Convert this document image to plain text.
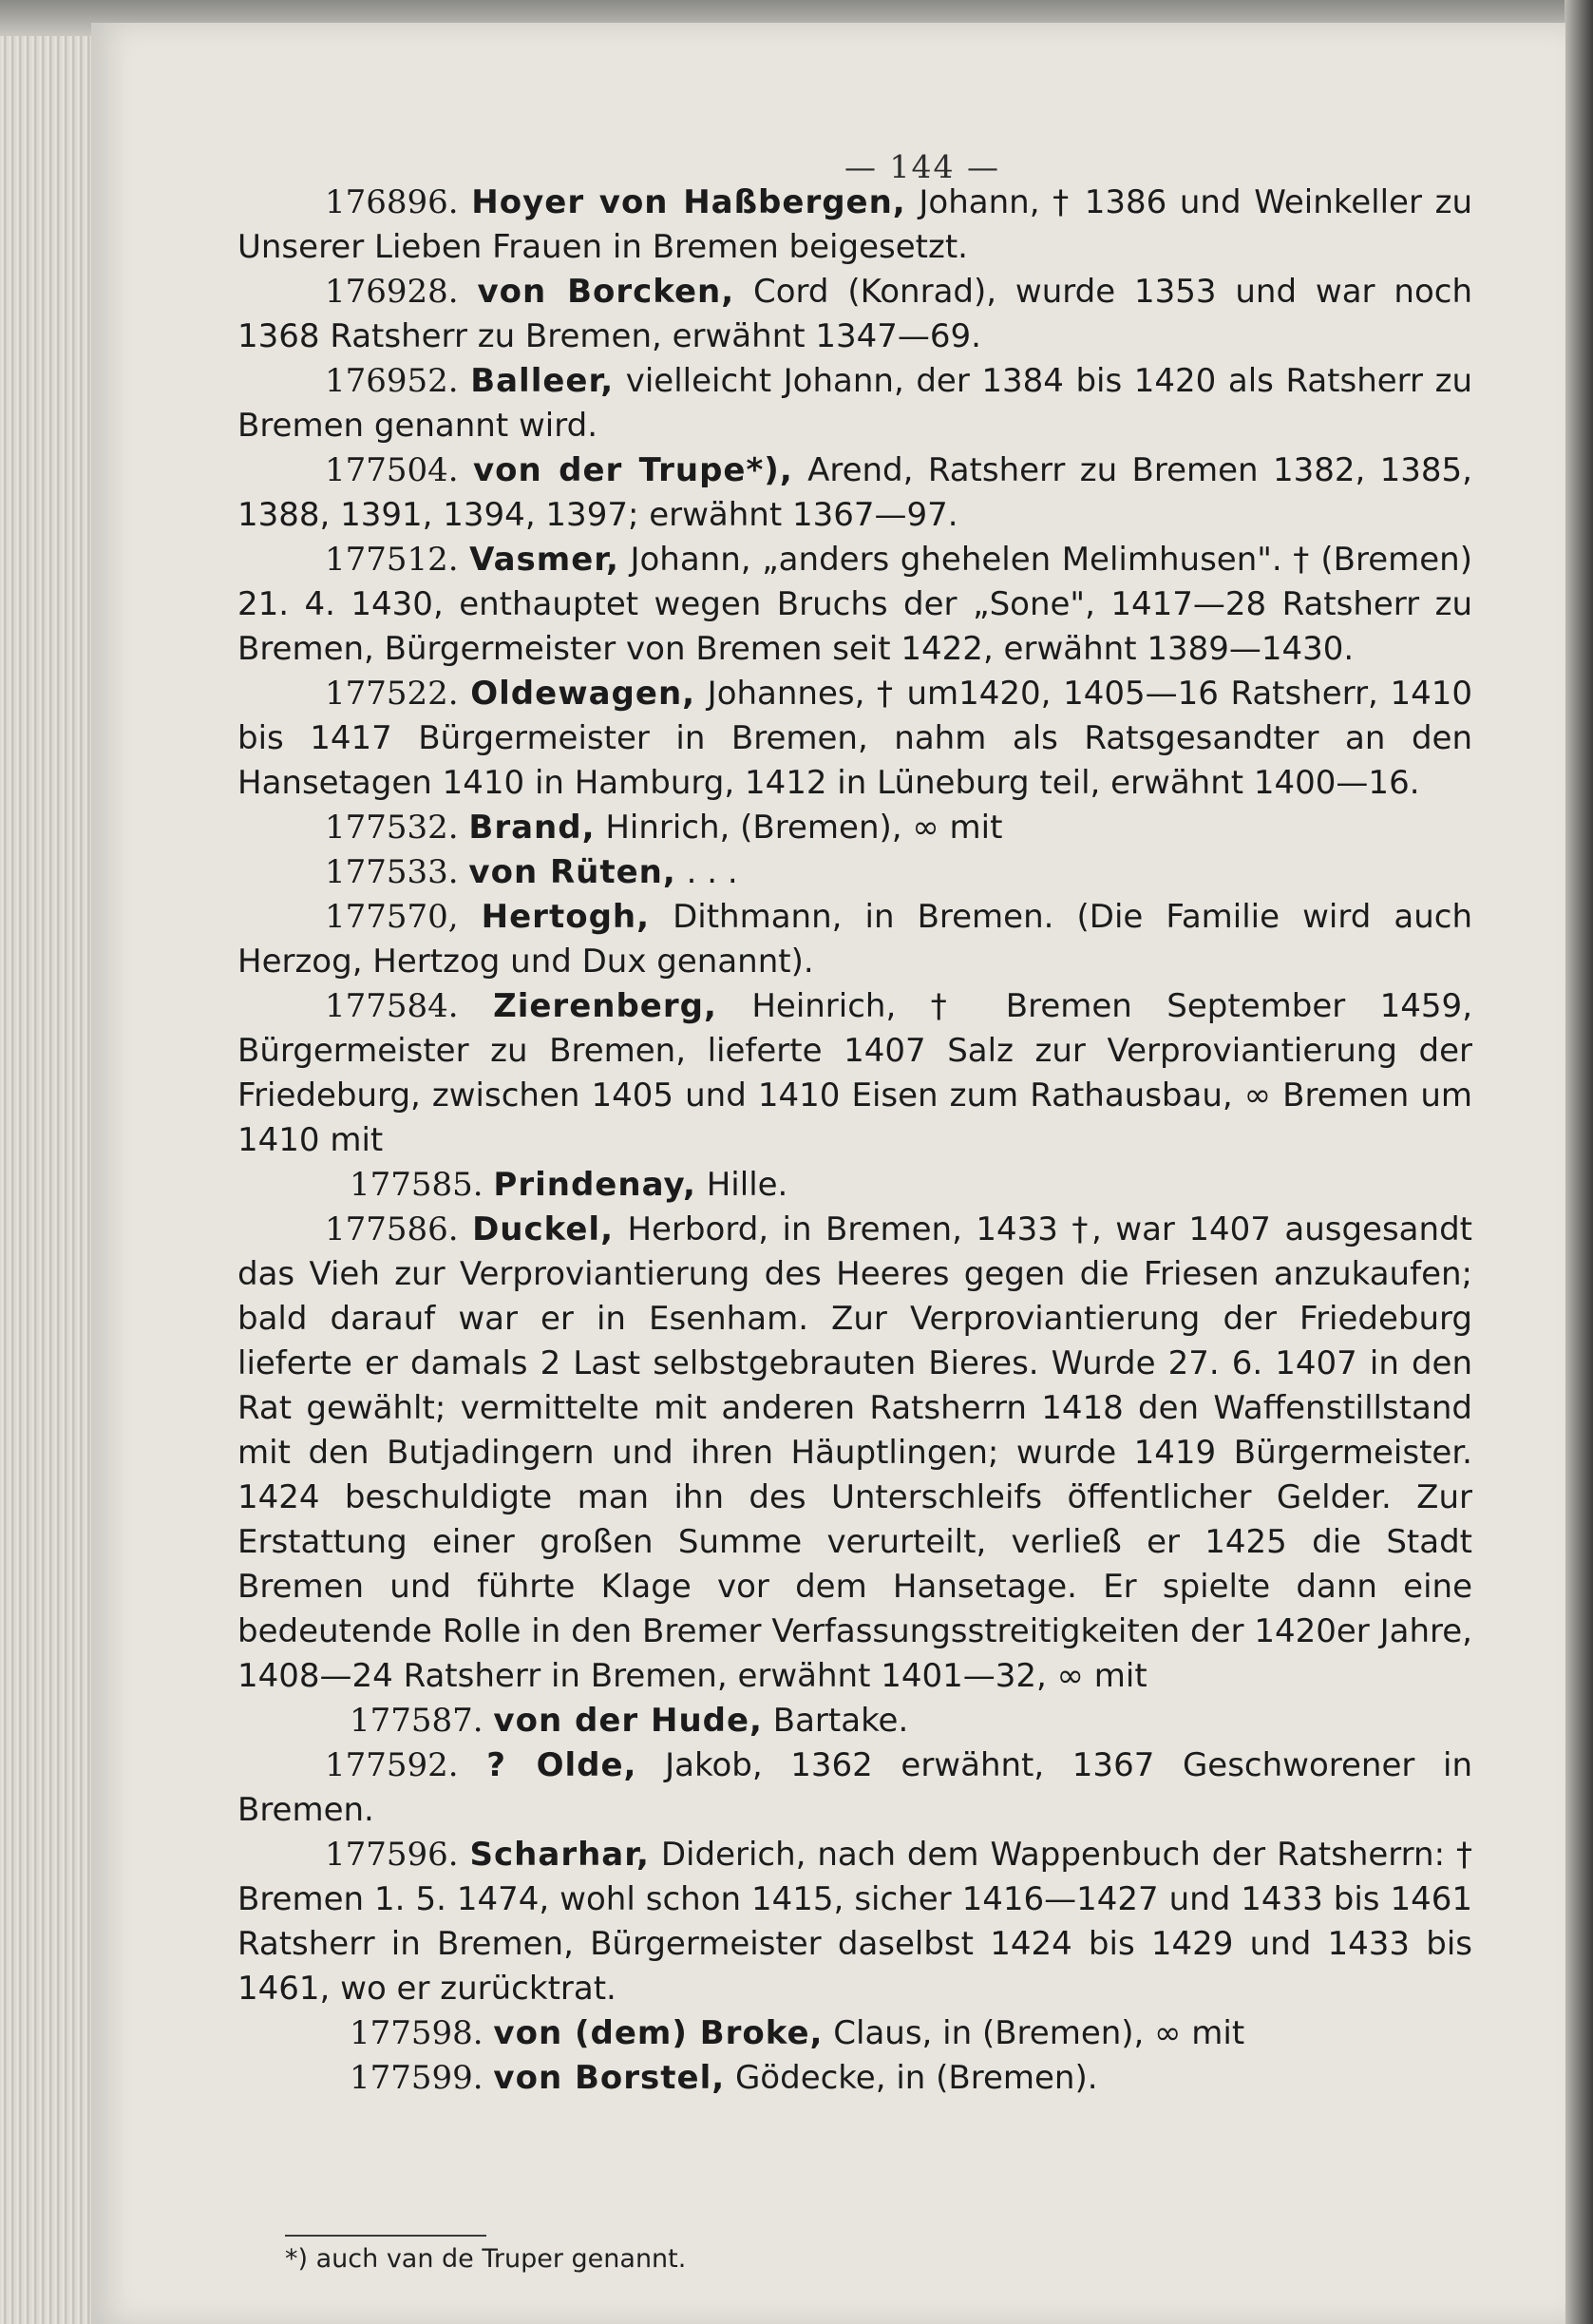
— 144 —

176896. Hoyer von Haßbergen, Johann, † 1386 und Weinkeller zu Unserer Lieben Frauen in Bremen beigesetzt.

176928. von Borcken, Cord (Konrad), wurde 1353 und war noch 1368 Ratsherr zu Bremen, erwähnt 1347—69.

176952. Balleer, vielleicht Johann, der 1384 bis 1420 als Ratsherr zu Bremen genannt wird.

177504. von der Trupe*), Arend, Ratsherr zu Bremen 1382, 1385, 1388, 1391, 1394, 1397; erwähnt 1367—97.

177512. Vasmer, Johann, „anders ghehelen Melimhusen". † (Bremen) 21. 4. 1430, enthauptet wegen Bruchs der „Sone", 1417—28 Ratsherr zu Bremen, Bürgermeister von Bremen seit 1422, erwähnt 1389—1430.

177522. Oldewagen, Johannes, † um1420, 1405—16 Ratsherr, 1410 bis 1417 Bürgermeister in Bremen, nahm als Ratsgesandter an den Hansetagen 1410 in Hamburg, 1412 in Lüneburg teil, erwähnt 1400—16.

177532. Brand, Hinrich, (Bremen), ∞ mit

177533. von Rüten, . . .

177570, Hertogh, Dithmann, in Bremen. (Die Familie wird auch Herzog, Hertzog und Dux genannt).

177584. Zierenberg, Heinrich, † Bremen September 1459, Bürgermeister zu Bremen, lieferte 1407 Salz zur Verproviantierung der Friedeburg, zwischen 1405 und 1410 Eisen zum Rathausbau, ∞ Bremen um 1410 mit

177585. Prindenay, Hille.

177586. Duckel, Herbord, in Bremen, 1433 †, war 1407 ausgesandt das Vieh zur Verproviantierung des Heeres gegen die Friesen anzukaufen; bald darauf war er in Esenham. Zur Verproviantierung der Friedeburg lieferte er damals 2 Last selbstgebrauten Bieres. Wurde 27. 6. 1407 in den Rat gewählt; vermittelte mit anderen Ratsherrn 1418 den Waffenstillstand mit den Butjadingern und ihren Häuptlingen; wurde 1419 Bürgermeister. 1424 beschuldigte man ihn des Unterschleifs öffentlicher Gelder. Zur Erstattung einer großen Summe verurteilt, verließ er 1425 die Stadt Bremen und führte Klage vor dem Hansetage. Er spielte dann eine bedeutende Rolle in den Bremer Verfassungsstreitigkeiten der 1420er Jahre, 1408—24 Ratsherr in Bremen, erwähnt 1401—32, ∞ mit

177587. von der Hude, Bartake.

177592. ? Olde, Jakob, 1362 erwähnt, 1367 Geschworener in Bremen.

177596. Scharhar, Diderich, nach dem Wappenbuch der Ratsherrn: † Bremen 1. 5. 1474, wohl schon 1415, sicher 1416—1427 und 1433 bis 1461 Ratsherr in Bremen, Bürgermeister daselbst 1424 bis 1429 und 1433 bis 1461, wo er zurücktrat.

177598. von (dem) Broke, Claus, in (Bremen), ∞ mit

177599. von Borstel, Gödecke, in (Bremen).

*) auch van de Truper genannt.
